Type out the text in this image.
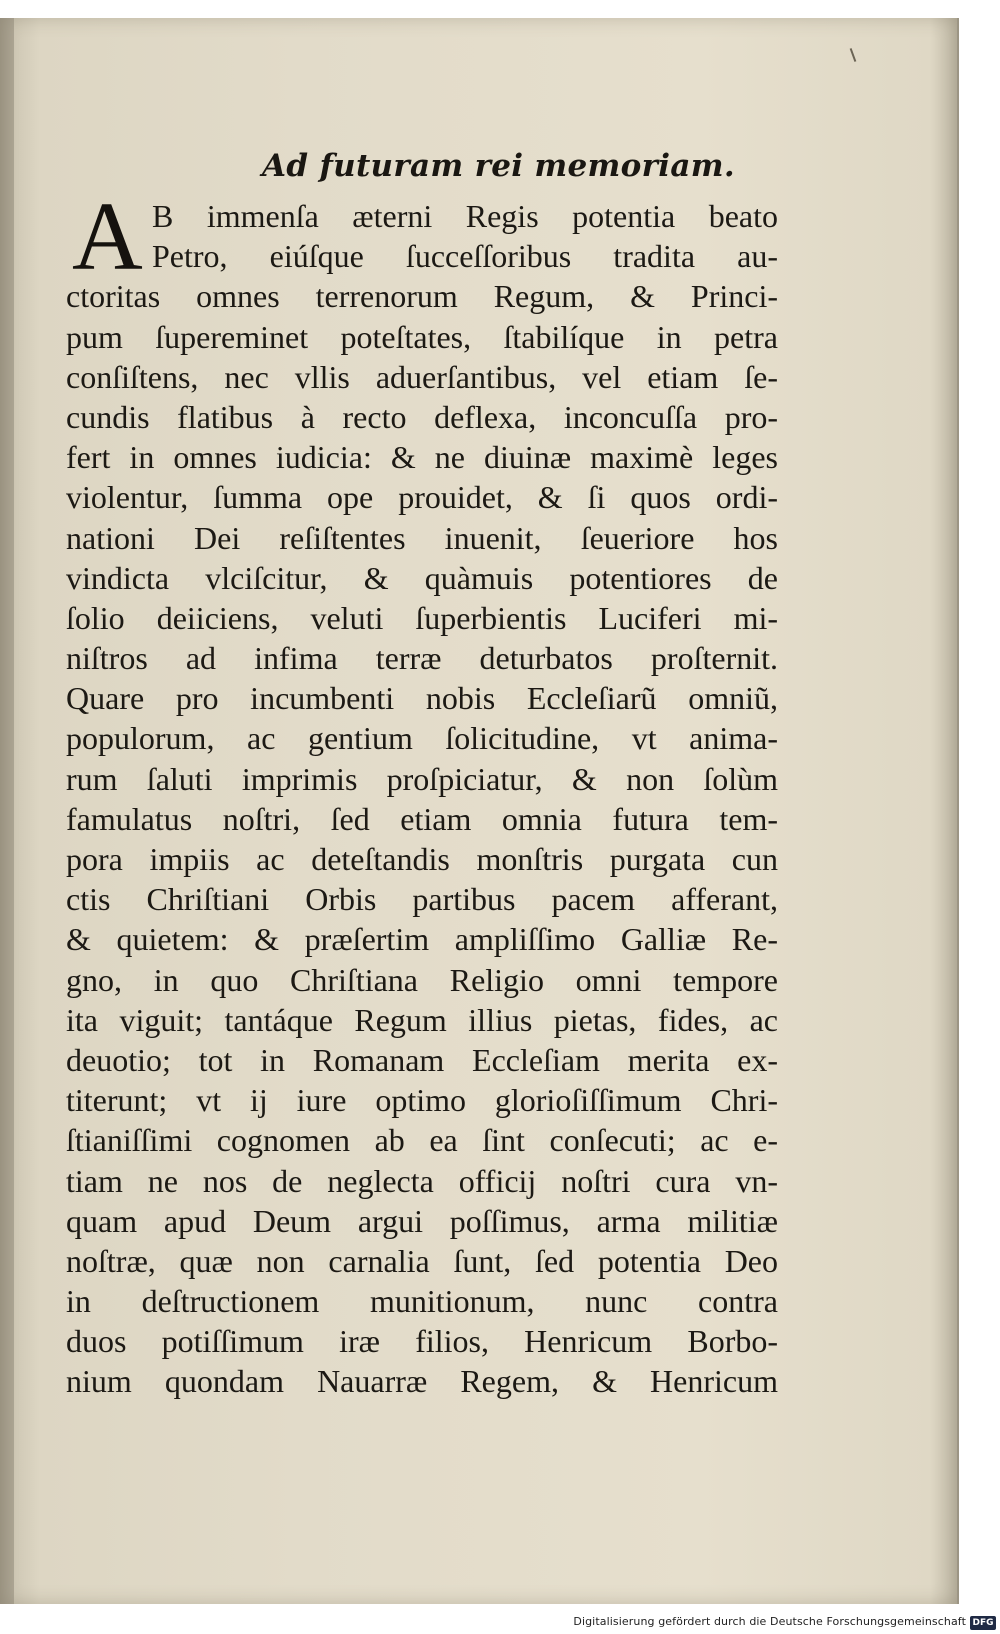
Ad futuram rei memoriam.
A B immenſa æterni Regis potentia beato
Petro, eiúſque ſucceſſoribus tradita au-
ctoritas omnes terrenorum Regum, & Princi-
pum ſupereminet poteſtates, ſtabilíque in petra
conſiſtens, nec vllis aduerſantibus, vel etiam ſe-
cundis flatibus à recto deflexa, inconcuſſa pro-
fert in omnes iudicia: & ne diuinæ maximè leges
violentur, ſumma ope prouidet, & ſi quos ordi-
nationi Dei reſiſtentes inuenit, ſeueriore hos
vindicta vlciſcitur, & quàmuis potentiores de
ſolio deiiciens, veluti ſuperbientis Luciferi mi-
niſtros ad infima terræ deturbatos proſternit.
Quare pro incumbenti nobis Eccleſiarũ omniũ,
populorum, ac gentium ſolicitudine, vt anima-
rum ſaluti imprimis proſpiciatur, & non ſolùm
famulatus noſtri, ſed etiam omnia futura tem-
pora impiis ac deteſtandis monſtris purgata cun
ctis Chriſtiani Orbis partibus pacem afferant,
& quietem: & præſertim ampliſſimo Galliæ Re-
gno, in quo Chriſtiana Religio omni tempore
ita viguit; tantáque Regum illius pietas, fides, ac
deuotio; tot in Romanam Eccleſiam merita ex-
titerunt; vt ij iure optimo glorioſiſſimum Chri-
ſtianiſſimi cognomen ab ea ſint conſecuti; ac e-
tiam ne nos de neglecta officij noſtri cura vn-
quam apud Deum argui poſſimus, arma militiæ
noſtræ, quæ non carnalia ſunt, ſed potentia Deo
in deſtructionem munitionum, nunc contra
duos potiſſimum iræ filios, Henricum Borbo-
nium quondam Nauarræ Regem, & Henricum
Digitalisierung gefördert durch die Deutsche Forschungsgemeinschaft DFG
